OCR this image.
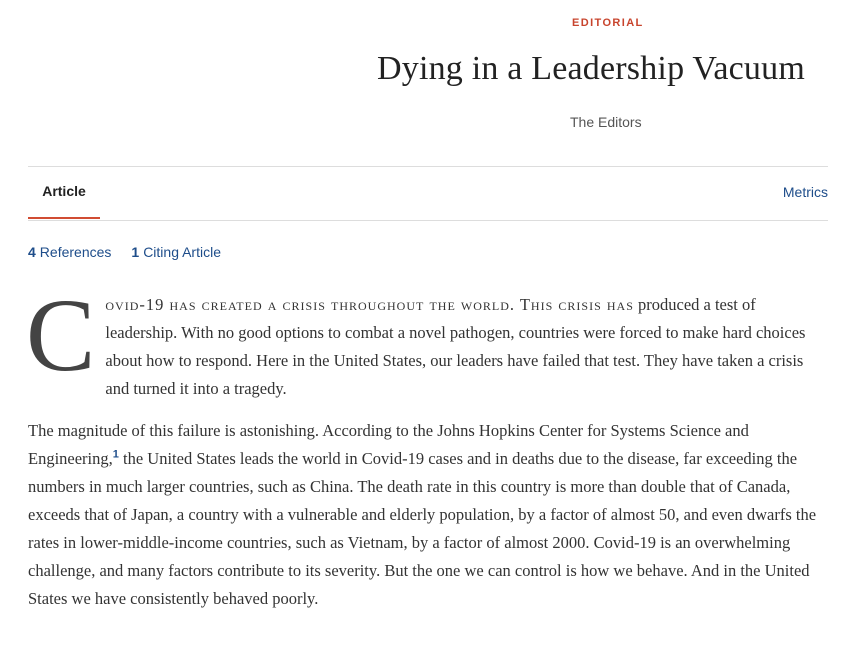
EDITORIAL
Dying in a Leadership Vacuum
The Editors
Article	Metrics
4 References 1 Citing Article

Covid-19 has created a crisis throughout the world. This crisis has produced a test of leadership. With no good options to combat a novel pathogen, countries were forced to make hard choices about how to respond. Here in the United States, our leaders have failed that test. They have taken a crisis and turned it into a tragedy.

The magnitude of this failure is astonishing. According to the Johns Hopkins Center for Systems Science and Engineering,$^1$ the United States leads the world in Covid-19 cases and in deaths due to the disease, far exceeding the numbers in much larger countries, such as China. The death rate in this country is more than double that of Canada, exceeds that of Japan, a country with a vulnerable and elderly population, by a factor of almost 50, and even dwarfs the rates in lower-middle-income countries, such as Vietnam, by a factor of almost 2000. Covid-19 is an overwhelming challenge, and many factors contribute to its severity. But the one we can control is how we behave. And in the United States we have consistently behaved poorly.
